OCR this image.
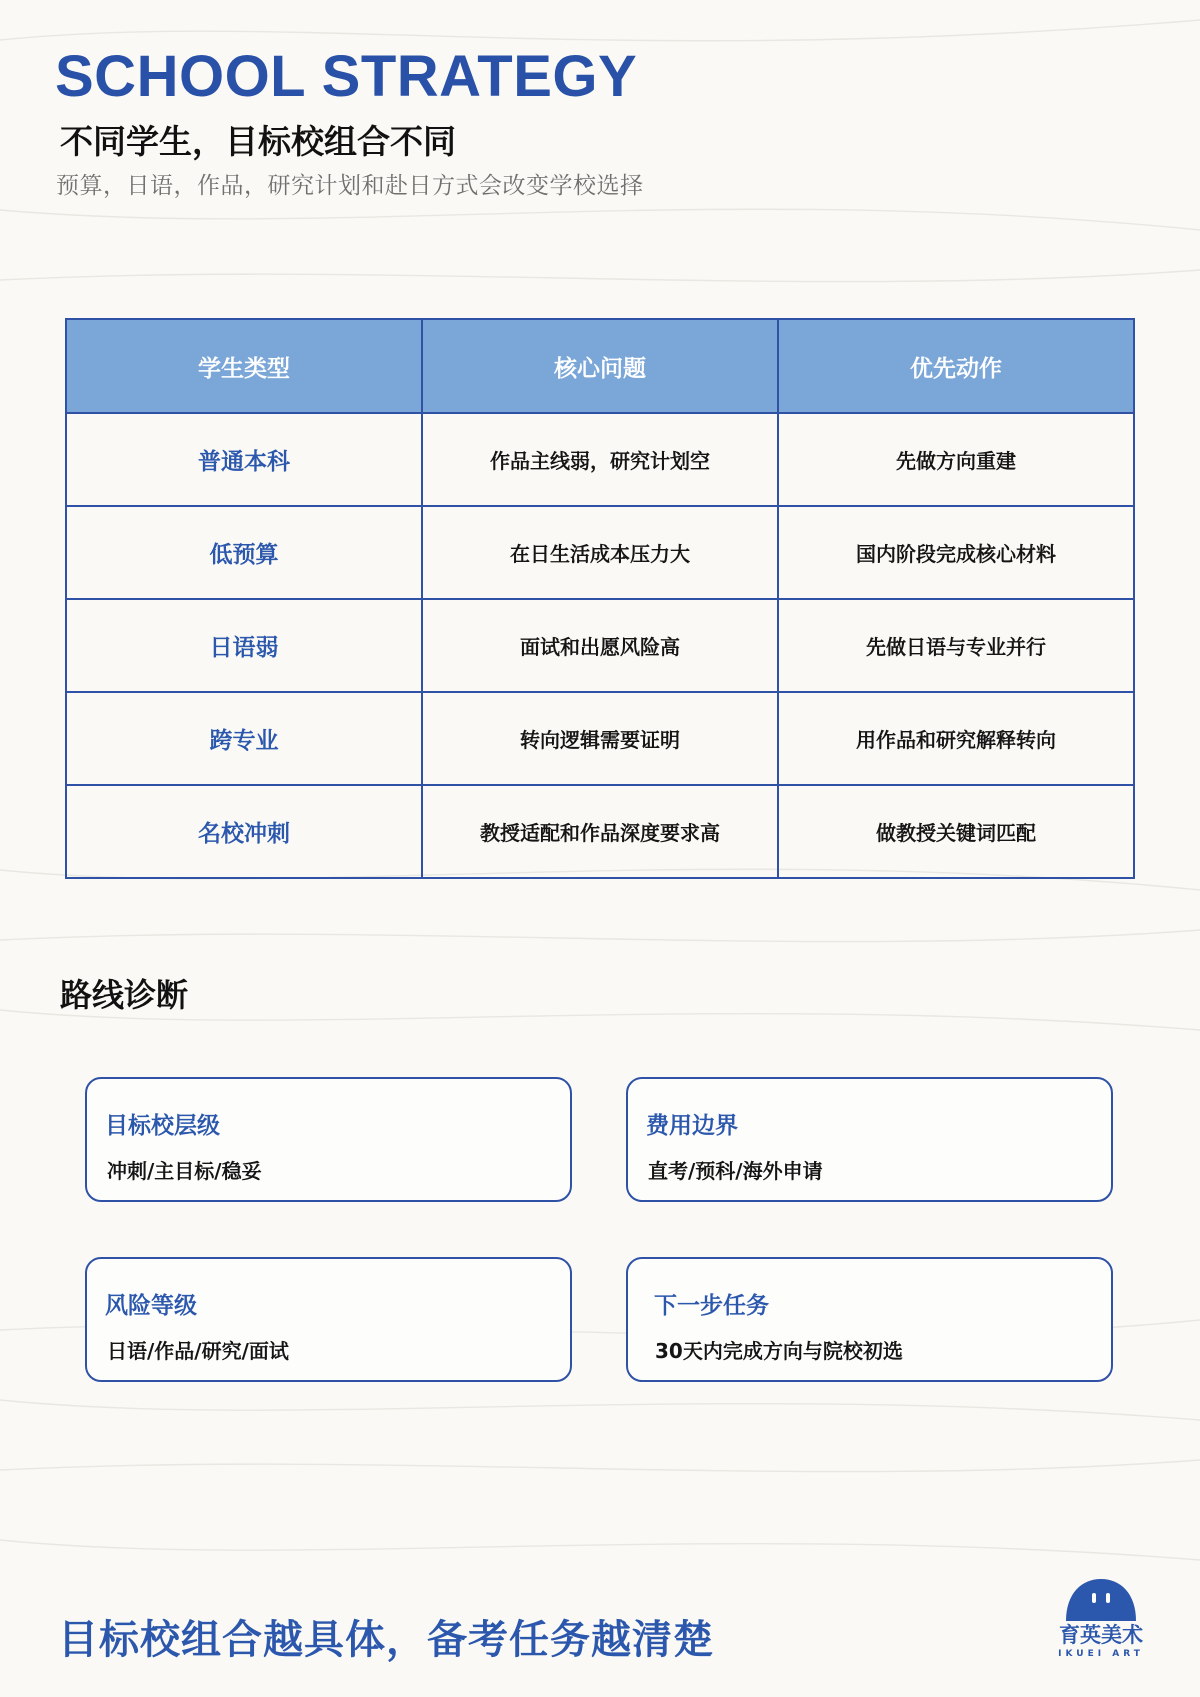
SCHOOL STRATEGY
不同学生，目标校组合不同
预算，日语，作品，研究计划和赴日方式会改变学校选择
学生类型	核心问题	优先动作
普通本科	作品主线弱，研究计划空	先做方向重建
低预算	在日生活成本压力大	国内阶段完成核心材料
日语弱	面试和出愿风险高	先做日语与专业并行
跨专业	转向逻辑需要证明	用作品和研究解释转向
名校冲刺	教授适配和作品深度要求高	做教授关键词匹配
路线诊断
目标校层级
冲刺/主目标/稳妥
费用边界
直考/预科/海外申请
风险等级
日语/作品/研究/面试
下一步任务
30天内完成方向与院校初选
目标校组合越具体，备考任务越清楚	育英美术
IKUEI ART
